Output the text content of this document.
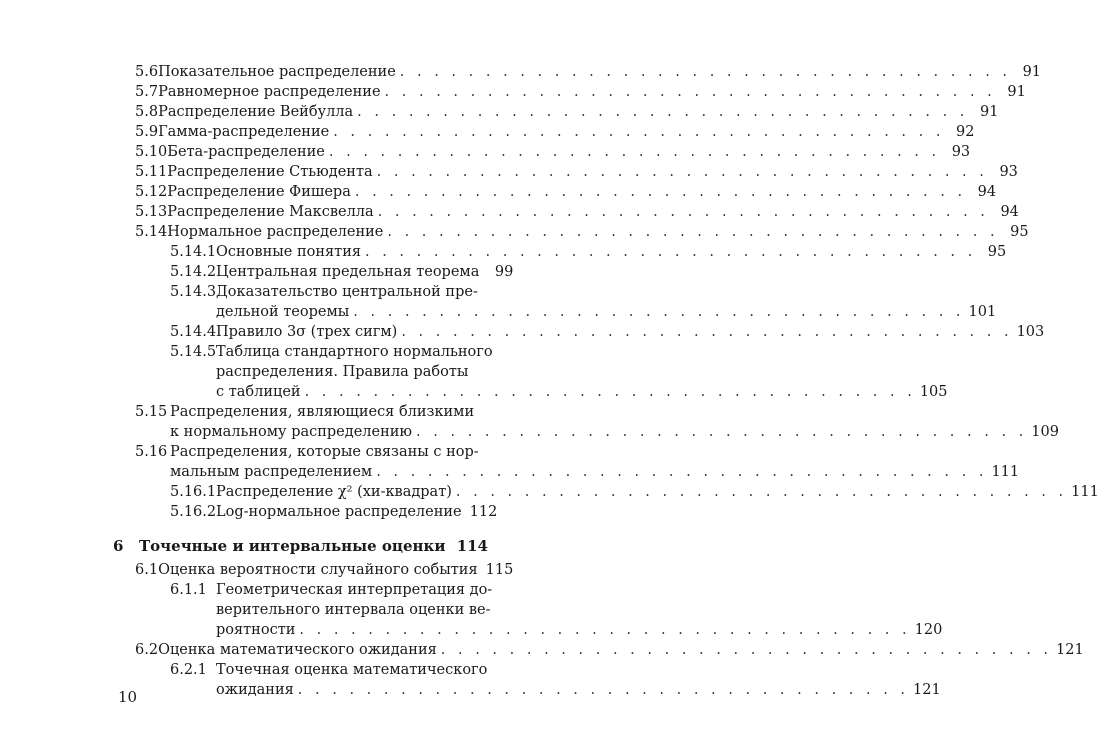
5.6 Показательное распределение . . . . . . . . . . . . . . . . . . . . . . . . . . . . . . . . . . . . 91
5.7 Равномерное распределение . . . . . . . . . . . . . . . . . . . . . . . . . . . . . . . . . . . . 91
5.8 Распределение Вейбулла . . . . . . . . . . . . . . . . . . . . . . . . . . . . . . . . . . . . 91
5.9 Гамма-распределение . . . . . . . . . . . . . . . . . . . . . . . . . . . . . . . . . . . . 92
5.10 Бета-распределение . . . . . . . . . . . . . . . . . . . . . . . . . . . . . . . . . . . . 93
5.11 Распределение Стьюдента . . . . . . . . . . . . . . . . . . . . . . . . . . . . . . . . . . . . 93
5.12 Распределение Фишера . . . . . . . . . . . . . . . . . . . . . . . . . . . . . . . . . . . . 94
5.13 Распределение Максвелла . . . . . . . . . . . . . . . . . . . . . . . . . . . . . . . . . . . . 94
5.14 Нормальное распределение . . . . . . . . . . . . . . . . . . . . . . . . . . . . . . . . . . . . 95
5.14.1 Основные понятия . . . . . . . . . . . . . . . . . . . . . . . . . . . . . . . . . . . . 95
5.14.2 Центральная предельная теорема	99
5.14.3Доказательство центральной пре-
дельной теоремы . . . . . . . . . . . . . . . . . . . . . . . . . . . . . . . . . . . . 101
5.14.4 Правило 3σ (трех сигм) . . . . . . . . . . . . . . . . . . . . . . . . . . . . . . . . . . . . 103
5.14.5Таблица стандартного нормального
распределения. Правила работы
с таблицей . . . . . . . . . . . . . . . . . . . . . . . . . . . . . . . . . . . . 105
5.15 Распределения, являющиеся близкими
к нормальному распределению . . . . . . . . . . . . . . . . . . . . . . . . . . . . . . . . . . . . 109
5.16 Распределения, которые связаны с нор-
мальным распределением . . . . . . . . . . . . . . . . . . . . . . . . . . . . . . . . . . . . 111
5.16.1 Распределение χ² (хи-квадрат) . . . . . . . . . . . . . . . . . . . . . . . . . . . . . . . . . . . . 111
5.16.2 Log-нормальное распределение 112
6	Точечные и интервальные оценки 114
6.1 Оценка вероятности случайного события 115
6.1.1 Геометрическая интерпретация до-
верительного интервала оценки ве-
роятности . . . . . . . . . . . . . . . . . . . . . . . . . . . . . . . . . . . . 120
6.2 Оценка математического ожидания . . . . . . . . . . . . . . . . . . . . . . . . . . . . . . . . . . . . 121
6.2.1 Точечная оценка математического
ожидания . . . . . . . . . . . . . . . . . . . . . . . . . . . . . . . . . . . . 121
10
